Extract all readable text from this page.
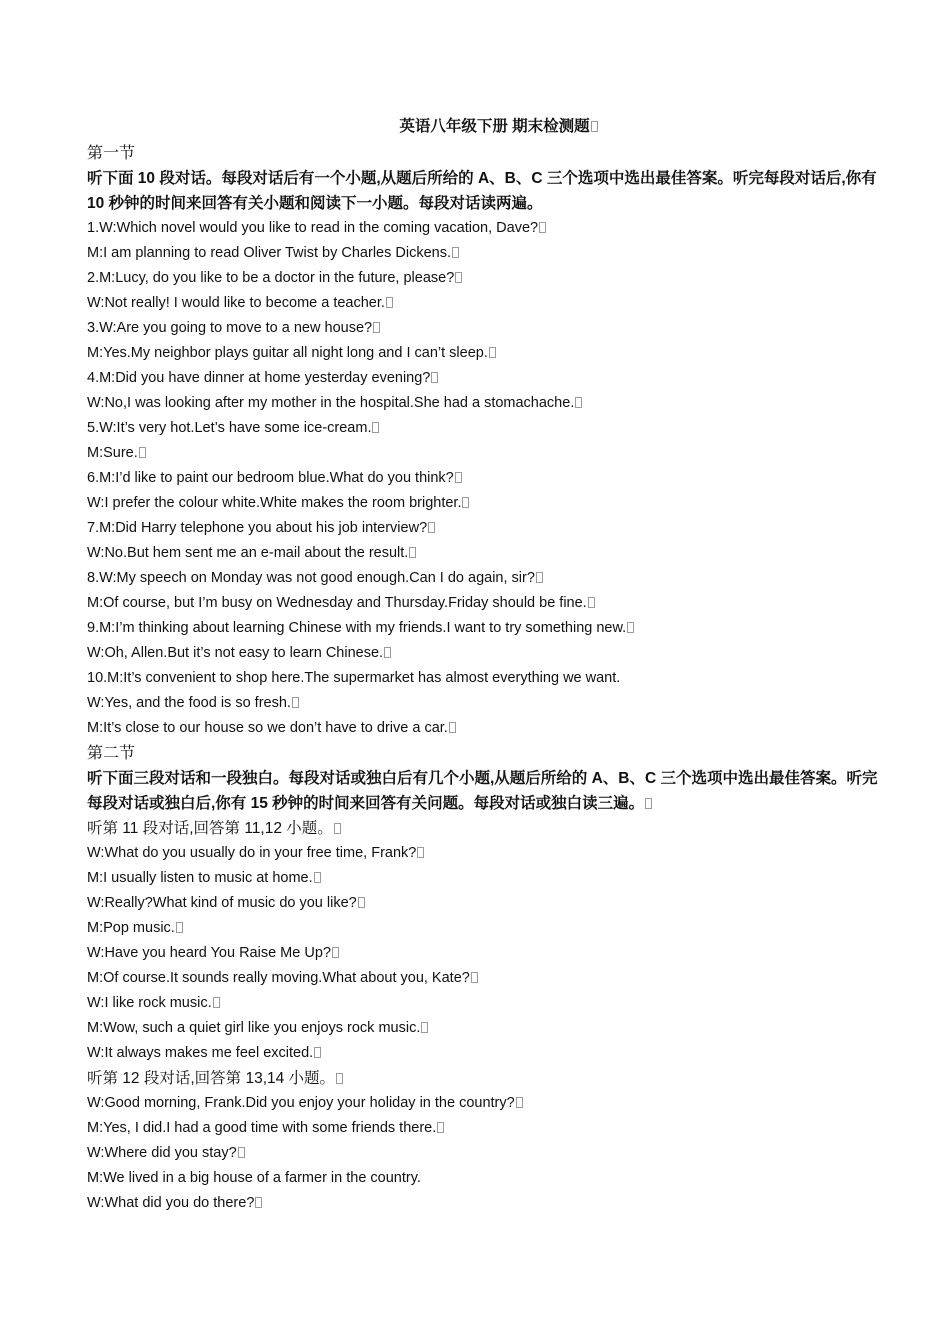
英语八年级下册 期末检测题
第一节
听下面 10 段对话。每段对话后有一个小题,从题后所给的 A、B、C 三个选项中选出最佳答案。听完每段对话后,你有 10 秒钟的时间来回答有关小题和阅读下一小题。每段对话读两遍。
1.W:Which novel would you like to read in the coming vacation, Dave?
M:I am planning to read Oliver Twist by Charles Dickens.
2.M:Lucy, do you like to be a doctor in the future, please?
W:Not really! I would like to become a teacher.
3.W:Are you going to move to a new house?
M:Yes.My neighbor plays guitar all night long and I can’t sleep.
4.M:Did you have dinner at home yesterday evening?
W:No,I was looking after my mother in the hospital.She had a stomachache.
5.W:It’s very hot.Let’s have some ice-cream.
M:Sure.
6.M:I’d like to paint our bedroom blue.What do you think?
W:I prefer the colour white.White makes the room brighter.
7.M:Did Harry telephone you about his job interview?
W:No.But hem sent me an e-mail about the result.
8.W:My speech on Monday was not good enough.Can I do again, sir?
M:Of course, but I’m busy on Wednesday and Thursday.Friday should be fine.
9.M:I’m thinking about learning Chinese with my friends.I want to try something new.
W:Oh, Allen.But it’s not easy to learn Chinese.
10.M:It’s convenient to shop here.The supermarket has almost everything we want.
W:Yes, and the food is so fresh.
M:It’s close to our house so we don’t have to drive a car.
第二节
听下面三段对话和一段独白。每段对话或独白后有几个小题,从题后所给的 A、B、C 三个选项中选出最佳答案。听完每段对话或独白后,你有 15 秒钟的时间来回答有关问题。每段对话或独白读三遍。
听第 11 段对话,回答第 11,12 小题。
W:What do you usually do in your free time, Frank?
M:I usually listen to music at home.
W:Really?What kind of music do you like?
M:Pop music.
W:Have you heard You Raise Me Up?
M:Of course.It sounds really moving.What about you, Kate?
W:I like rock music.
M:Wow, such a quiet girl like you enjoys rock music.
W:It always makes me feel excited.
听第 12 段对话,回答第 13,14 小题。
W:Good morning, Frank.Did you enjoy your holiday in the country?
M:Yes, I did.I had a good time with some friends there.
W:Where did you stay?
M:We lived in a big house of a farmer in the country.
W:What did you do there?
